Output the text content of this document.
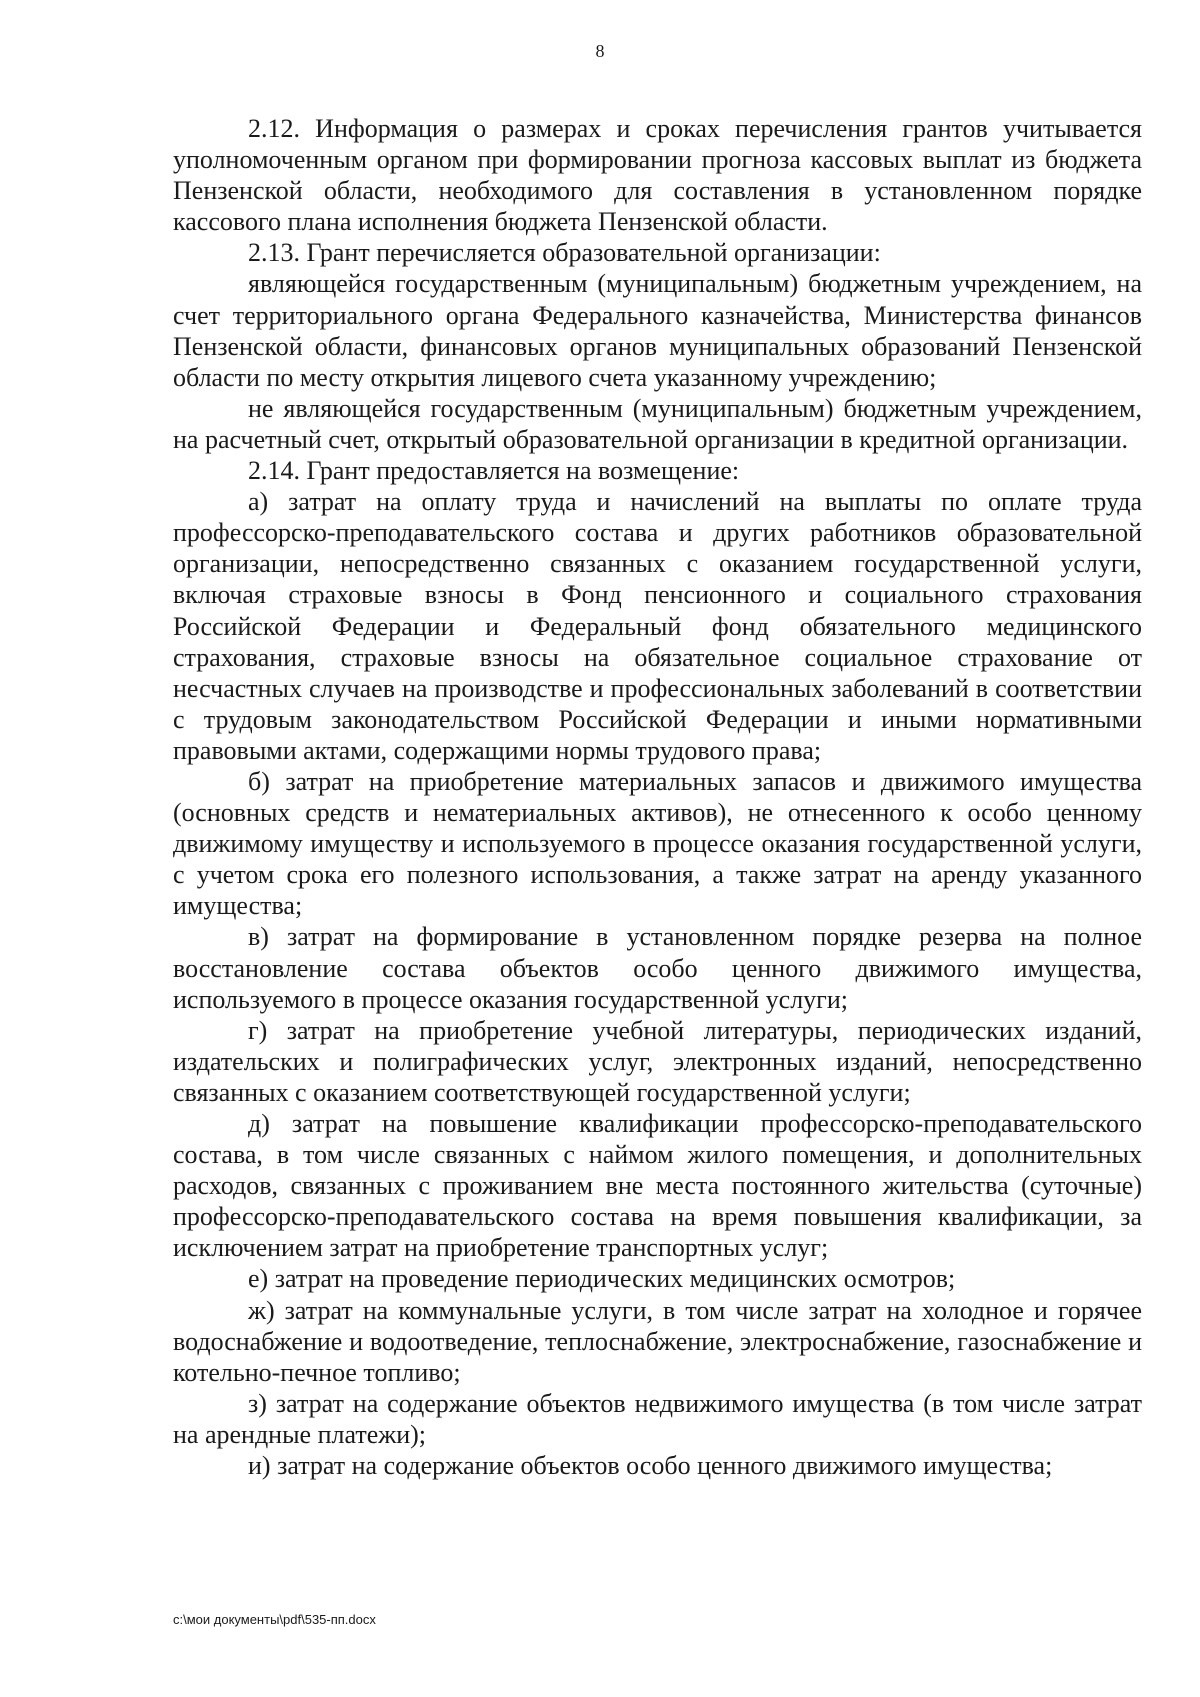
8

2.12. Информация о размерах и сроках перечисления грантов учитывается уполномоченным органом при формировании прогноза кассовых выплат из бюджета Пензенской области, необходимого для составления в установленном порядке кассового плана исполнения бюджета Пензенской области.

2.13. Грант перечисляется образовательной организации:

являющейся государственным (муниципальным) бюджетным учреждением, на счет территориального органа Федерального казначейства, Министерства финансов Пензенской области, финансовых органов муниципальных образований Пензенской области по месту открытия лицевого счета указанному учреждению;

не являющейся государственным (муниципальным) бюджетным учреждением, на расчетный счет, открытый образовательной организации в кредитной организации.

2.14. Грант предоставляется на возмещение:

а) затрат на оплату труда и начислений на выплаты по оплате труда профессорско-преподавательского состава и других работников образовательной организации, непосредственно связанных с оказанием государственной услуги, включая страховые взносы в Фонд пенсионного и социального страхования Российской Федерации и Федеральный фонд обязательного медицинского страхования, страховые взносы на обязательное социальное страхование от несчастных случаев на производстве и профессиональных заболеваний в соответствии с трудовым законодательством Российской Федерации и иными нормативными правовыми актами, содержащими нормы трудового права;

б) затрат на приобретение материальных запасов и движимого имущества (основных средств и нематериальных активов), не отнесенного к особо ценному движимому имуществу и используемого в процессе оказания государственной услуги, с учетом срока его полезного использования, а также затрат на аренду указанного имущества;

в) затрат на формирование в установленном порядке резерва на полное восстановление состава объектов особо ценного движимого имущества, используемого в процессе оказания государственной услуги;

г) затрат на приобретение учебной литературы, периодических изданий, издательских и полиграфических услуг, электронных изданий, непосредственно связанных с оказанием соответствующей государственной услуги;

д) затрат на повышение квалификации профессорско-преподавательского состава, в том числе связанных с наймом жилого помещения, и дополнительных расходов, связанных с проживанием вне места постоянного жительства (суточные) профессорско-преподавательского состава на время повышения квалификации, за исключением затрат на приобретение транспортных услуг;

е) затрат на проведение периодических медицинских осмотров;

ж) затрат на коммунальные услуги, в том числе затрат на холодное и горячее водоснабжение и водоотведение, теплоснабжение, электроснабжение, газоснабжение и котельно-печное топливо;

з) затрат на содержание объектов недвижимого имущества (в том числе затрат на арендные платежи);

и) затрат на содержание объектов особо ценного движимого имущества;

c:\мои документы\pdf\535-пп.docx
